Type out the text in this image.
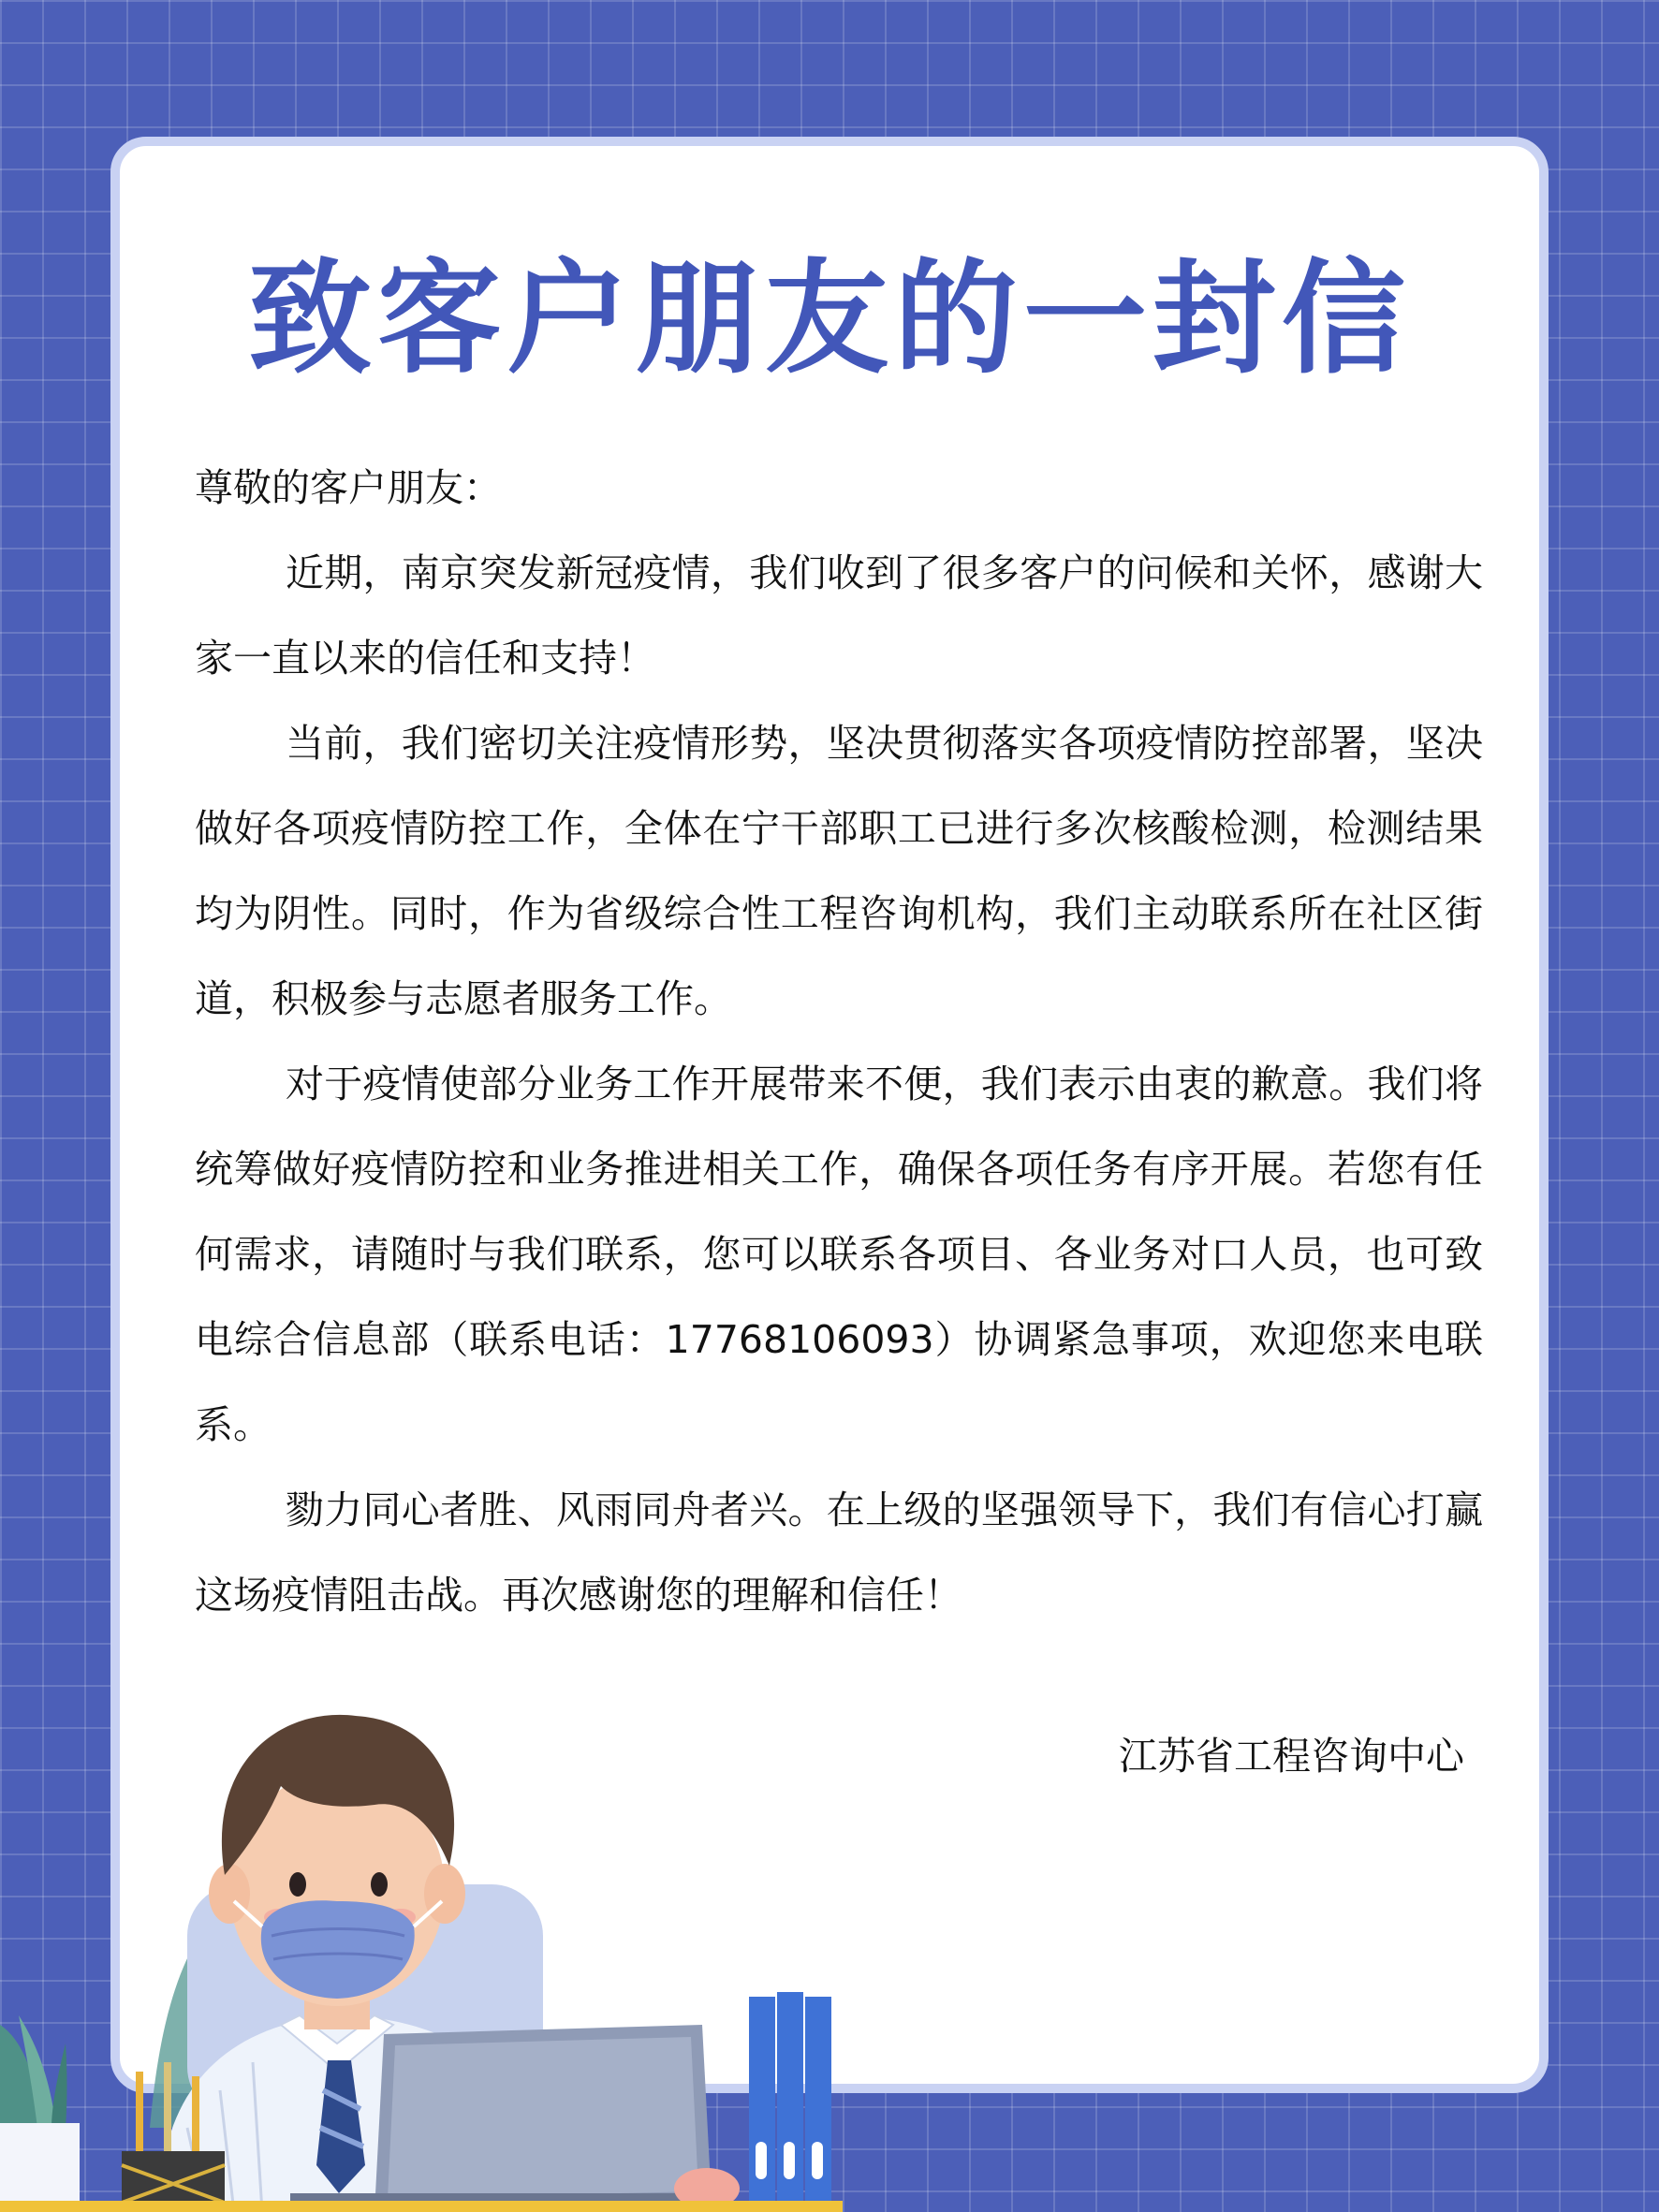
致客户朋友的一封信

尊敬的客户朋友：

近期，南京突发新冠疫情，我们收到了很多客户的问候和关怀，感谢大家一直以来的信任和支持！

当前，我们密切关注疫情形势，坚决贯彻落实各项疫情防控部署，坚决做好各项疫情防控工作，全体在宁干部职工已进行多次核酸检测，检测结果均为阴性。同时，作为省级综合性工程咨询机构，我们主动联系所在社区街道，积极参与志愿者服务工作。

对于疫情使部分业务工作开展带来不便，我们表示由衷的歉意。我们将统筹做好疫情防控和业务推进相关工作，确保各项任务有序开展。若您有任何需求，请随时与我们联系，您可以联系各项目、各业务对口人员，也可致电综合信息部（联系电话：17768106093）协调紧急事项，欢迎您来电联系。

勠力同心者胜、风雨同舟者兴。在上级的坚强领导下，我们有信心打赢这场疫情阻击战。再次感谢您的理解和信任！

江苏省工程咨询中心
